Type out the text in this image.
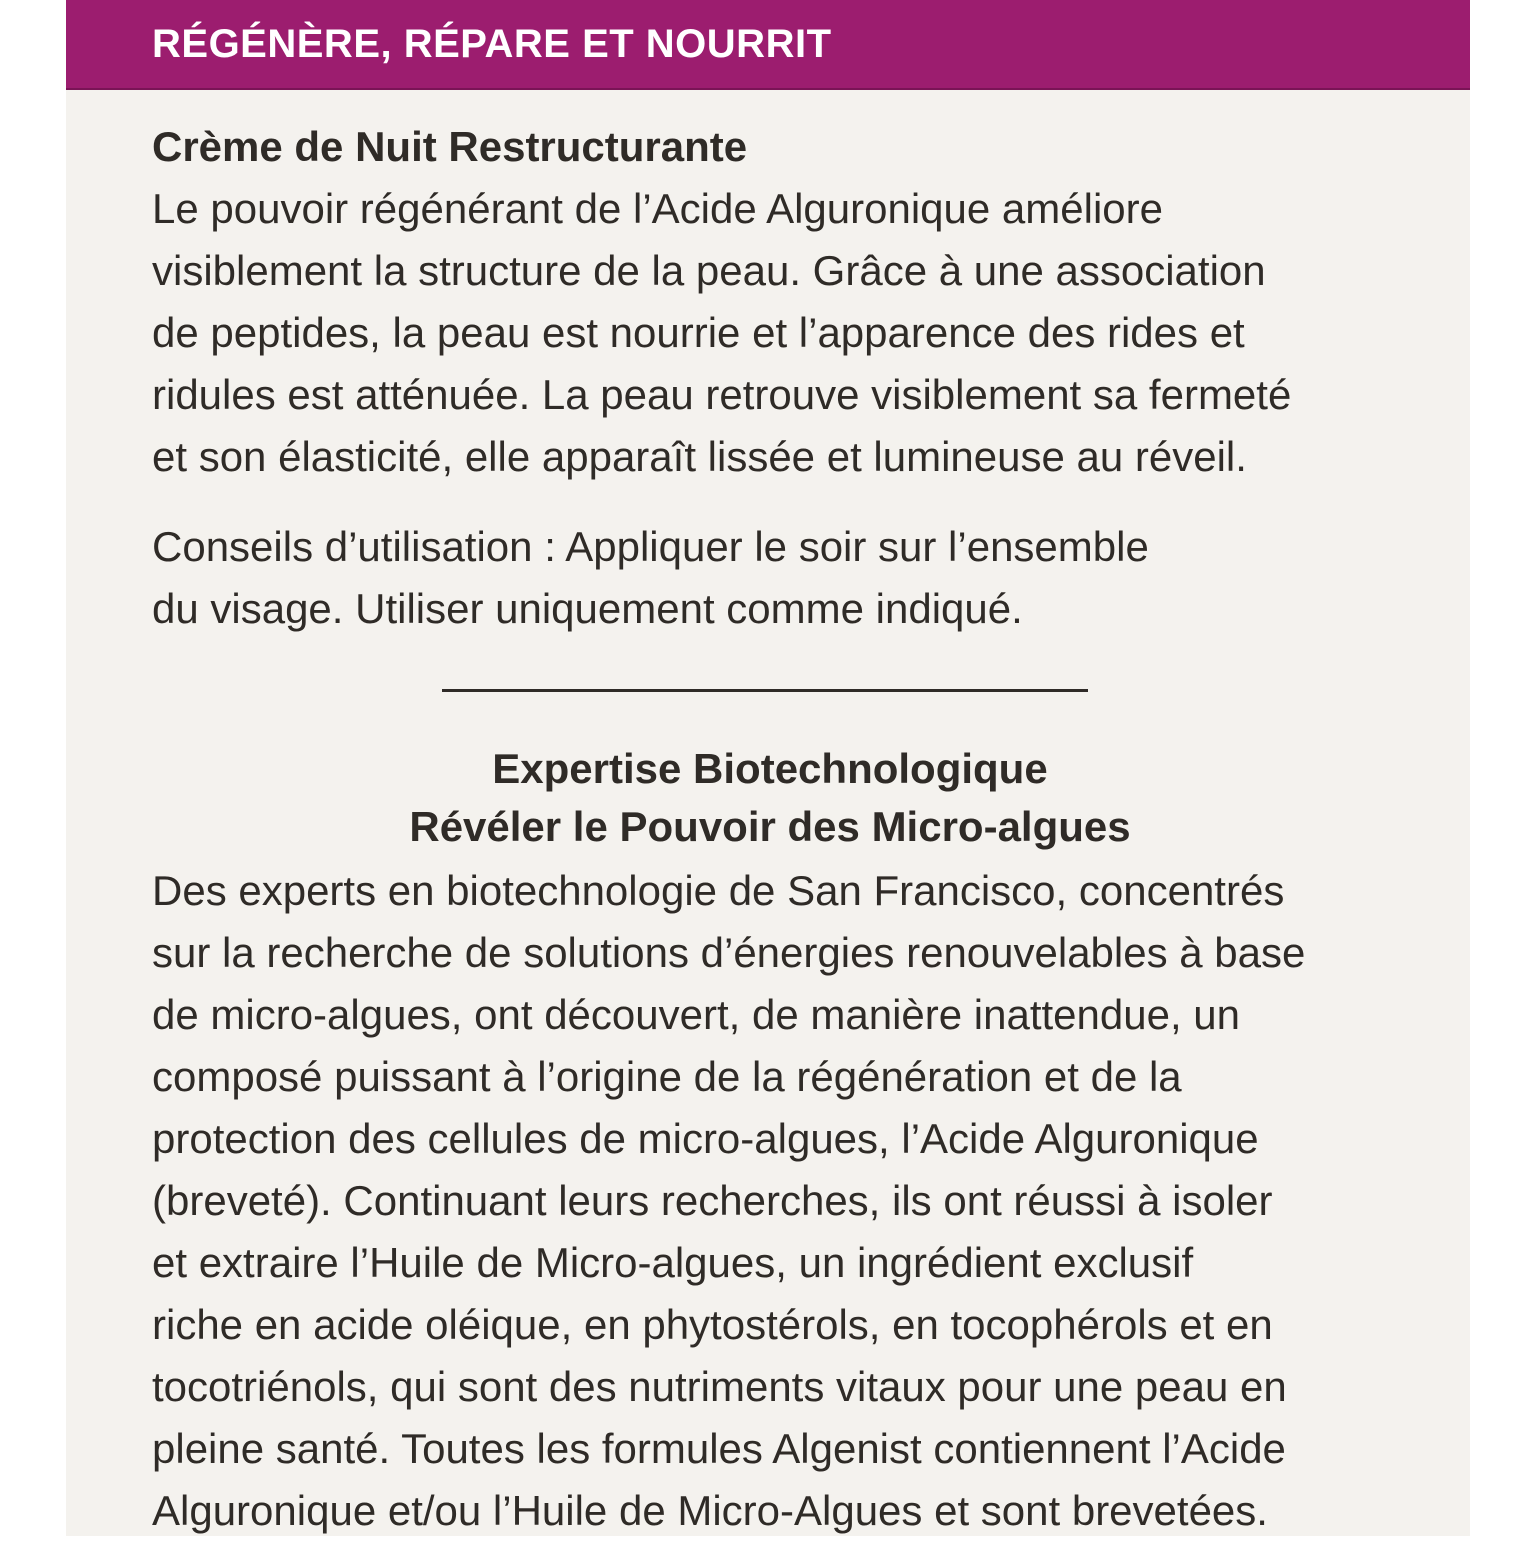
RÉGÉNÈRE, RÉPARE ET NOURRIT

Crème de Nuit Restructurante

Le pouvoir régénérant de l’Acide Alguronique améliore
visiblement la structure de la peau. Grâce à une association
de peptides, la peau est nourrie et l’apparence des rides et
ridules est atténuée. La peau retrouve visiblement sa fermeté
et son élasticité, elle apparaît lissée et lumineuse au réveil.

Conseils d’utilisation : Appliquer le soir sur l’ensemble
du visage. Utiliser uniquement comme indiqué.

Expertise Biotechnologique

Révéler le Pouvoir des Micro-algues

Des experts en biotechnologie de San Francisco, concentrés
sur la recherche de solutions d’énergies renouvelables à base
de micro-algues, ont découvert, de manière inattendue, un
composé puissant à l’origine de la régénération et de la
protection des cellules de micro-algues, l’Acide Alguronique
(breveté). Continuant leurs recherches, ils ont réussi à isoler
et extraire l’Huile de Micro-algues, un ingrédient exclusif
riche en acide oléique, en phytostérols, en tocophérols et en
tocotriénols, qui sont des nutriments vitaux pour une peau en
pleine santé. Toutes les formules Algenist contiennent l’Acide
Alguronique et/ou l’Huile de Micro-Algues et sont brevetées.
